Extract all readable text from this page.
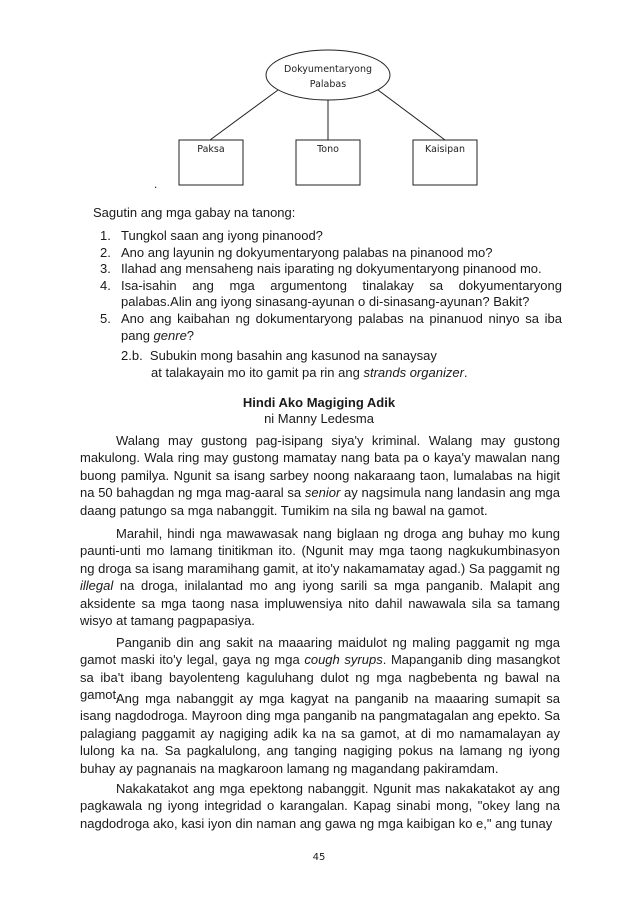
Dokyumentaryong
Palabas
Paksa	Tono	Kaisipan
.
Sagutin ang mga gabay na tanong:
1. Tungkol saan ang iyong pinanood?
2. Ano ang layunin ng dokyumentaryong palabas na pinanood mo?
3. Ilahad ang mensaheng nais iparating ng dokyumentaryong pinanood mo.
4. Isa-isahin ang mga argumentong tinalakay sa dokyumentaryong palabas.Alin ang iyong sinasang-ayunan o di-sinasang-ayunan? Bakit?
5. Ano ang kaibahan ng dokumentaryong palabas na pinanuod ninyo sa iba pang genre?
2.b. Subukin mong basahin ang kasunod na sanaysay
at talakayain mo ito gamit pa rin ang strands organizer.
Hindi Ako Magiging Adik
ni Manny Ledesma

Walang may gustong pag-isipang siya'y kriminal. Walang may gustong makulong. Wala ring may gustong mamatay nang bata pa o kaya'y mawalan nang buong pamilya. Ngunit sa isang sarbey noong nakaraang taon, lumalabas na higit na 50 bahagdan ng mga mag-aaral sa senior ay nagsimula nang landasin ang mga daang patungo sa mga nabanggit. Tumikim na sila ng bawal na gamot.

Marahil, hindi nga mawawasak nang biglaan ng droga ang buhay mo kung paunti-unti mo lamang tinitikman ito. (Ngunit may mga taong nagkukumbinasyon ng droga sa isang maramihang gamit, at ito'y nakamamatay agad.) Sa paggamit ng illegal na droga, inilalantad mo ang iyong sarili sa mga panganib. Malapit ang aksidente sa mga taong nasa impluwensiya nito dahil nawawala sila sa tamang wisyo at tamang pagpapasiya.

Panganib din ang sakit na maaaring maidulot ng maling paggamit ng mga gamot maski ito'y legal, gaya ng mga cough syrups. Mapanganib ding masangkot sa iba't ibang bayolenteng kaguluhang dulot ng mga nagbebenta ng bawal na gamot.

Ang mga nabanggit ay mga kagyat na panganib na maaaring sumapit sa isang nagdodroga. Mayroon ding mga panganib na pangmatagalan ang epekto. Sa palagiang paggamit ay nagiging adik ka na sa gamot, at di mo namamalayan ay lulong ka na. Sa pagkalulong, ang tanging nagiging pokus na lamang ng iyong buhay ay pagnanais na magkaroon lamang ng magandang pakiramdam.

Nakakatakot ang mga epektong nabanggit. Ngunit mas nakakatakot ay ang pagkawala ng iyong integridad o karangalan. Kapag sinabi mong, "okey lang na nagdodroga ako, kasi iyon din naman ang gawa ng mga kaibigan ko e," ang tunay

45
